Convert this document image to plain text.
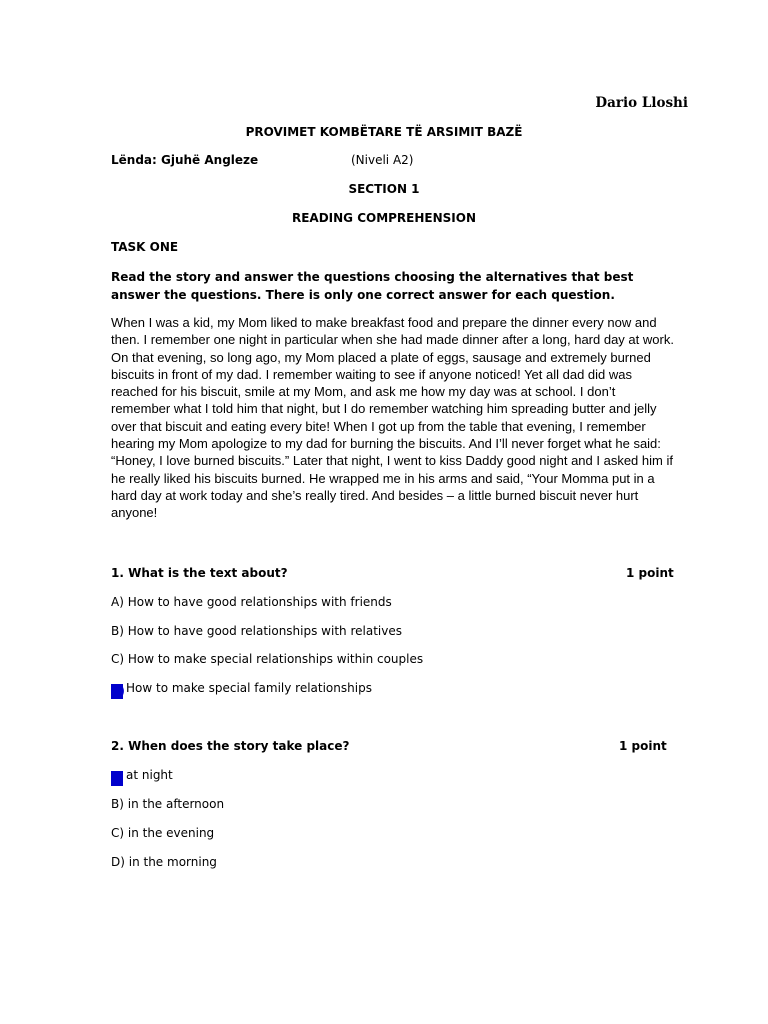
Dario Lloshi
PROVIMET KOMBËTARE TË ARSIMIT BAZË
Lënda: Gjuhë Angleze	(Niveli A2)
SECTION 1
READING COMPREHENSION
TASK ONE
Read the story and answer the questions choosing the alternatives that best answer the questions. There is only one correct answer for each question.

When I was a kid, my Mom liked to make breakfast food and prepare the dinner every now and then. I remember one night in particular when she had made dinner after a long, hard day at work. On that evening, so long ago, my Mom placed a plate of eggs, sausage and extremely burned biscuits in front of my dad. I remember waiting to see if anyone noticed! Yet all dad did was reached for his biscuit, smile at my Mom, and ask me how my day was at school. I don’t remember what I told him that night, but I do remember watching him spreading butter and jelly over that biscuit and eating every bite! When I got up from the table that evening, I remember hearing my Mom apologize to my dad for burning the biscuits. And I’ll never forget what he said: “Honey, I love burned biscuits.” Later that night, I went to kiss Daddy good night and I asked him if he really liked his biscuits burned. He wrapped me in his arms and said, “Your Momma put in a hard day at work today and she’s really tired. And besides – a little burned biscuit never hurt anyone!

1. What is the text about?	1 point
A) How to have good relationships with friends
B) How to have good relationships with relatives
C) How to make special relationships within couples
D)How to make special family relationships
2. When does the story take place?	1 point
A) at night
B) in the afternoon
C) in the evening
D) in the morning
